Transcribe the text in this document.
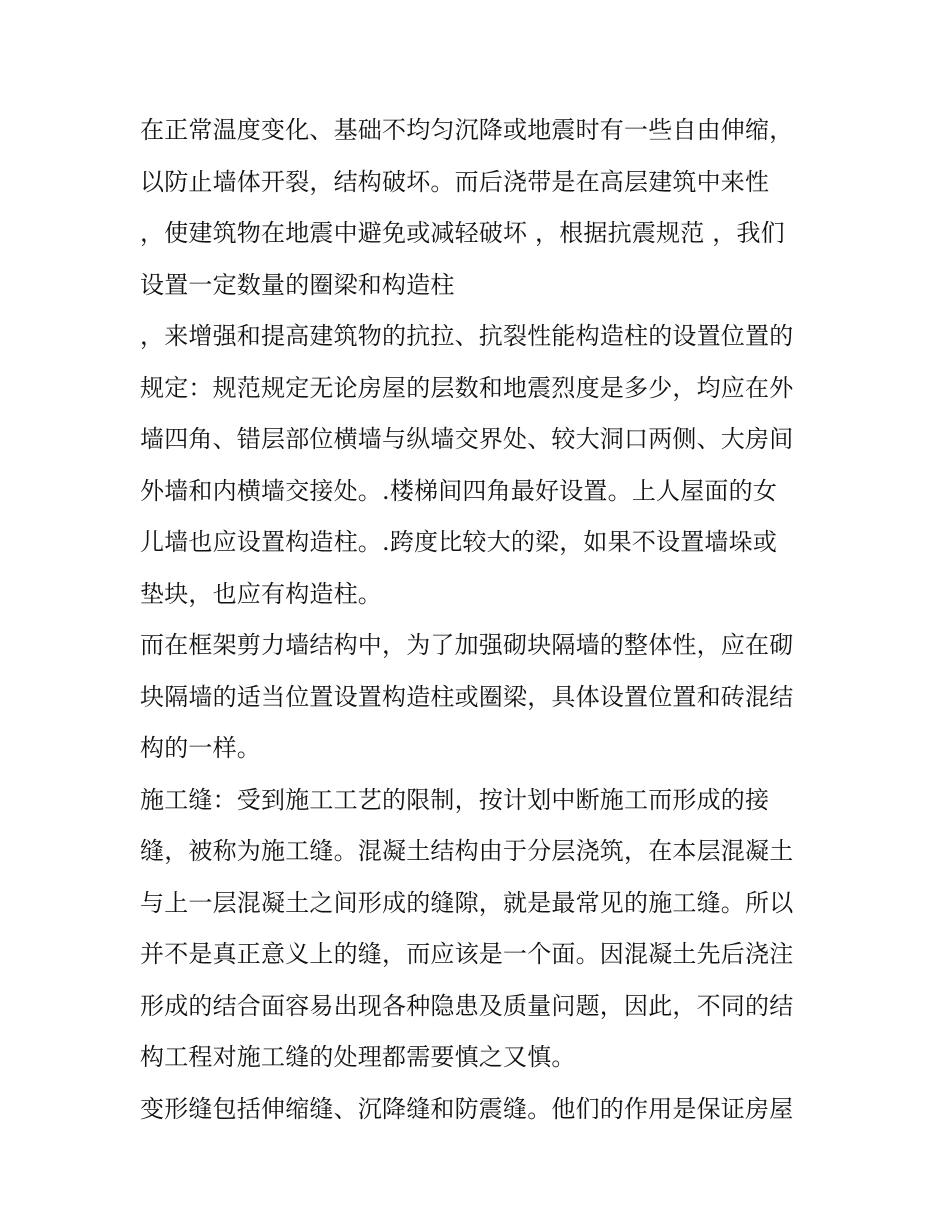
在正常温度变化、基础不均匀沉降或地震时有一些自由伸缩，
以防止墙体开裂，结构破坏。而后浇带是在高层建筑中来性
，使建筑物在地震中避免或减轻破坏 ，根据抗震规范 ，我们
设置一定数量的圈梁和构造柱
，来增强和提高建筑物的抗拉、抗裂性能构造柱的设置位置的
规定：规范规定无论房屋的层数和地震烈度是多少，均应在外
墙四角、错层部位横墙与纵墙交界处、较大洞口两侧、大房间
外墙和内横墙交接处。.楼梯间四角最好设置。上人屋面的女
儿墙也应设置构造柱。.跨度比较大的梁，如果不设置墙垛或
垫块，也应有构造柱。
而在框架剪力墙结构中，为了加强砌块隔墙的整体性，应在砌
块隔墙的适当位置设置构造柱或圈梁，具体设置位置和砖混结
构的一样。
施工缝：受到施工工艺的限制，按计划中断施工而形成的接
缝，被称为施工缝。混凝土结构由于分层浇筑，在本层混凝土
与上一层混凝土之间形成的缝隙，就是最常见的施工缝。所以
并不是真正意义上的缝，而应该是一个面。因混凝土先后浇注
形成的结合面容易出现各种隐患及质量问题，因此，不同的结
构工程对施工缝的处理都需要慎之又慎。
变形缝包括伸缩缝、沉降缝和防震缝。他们的作用是保证房屋
